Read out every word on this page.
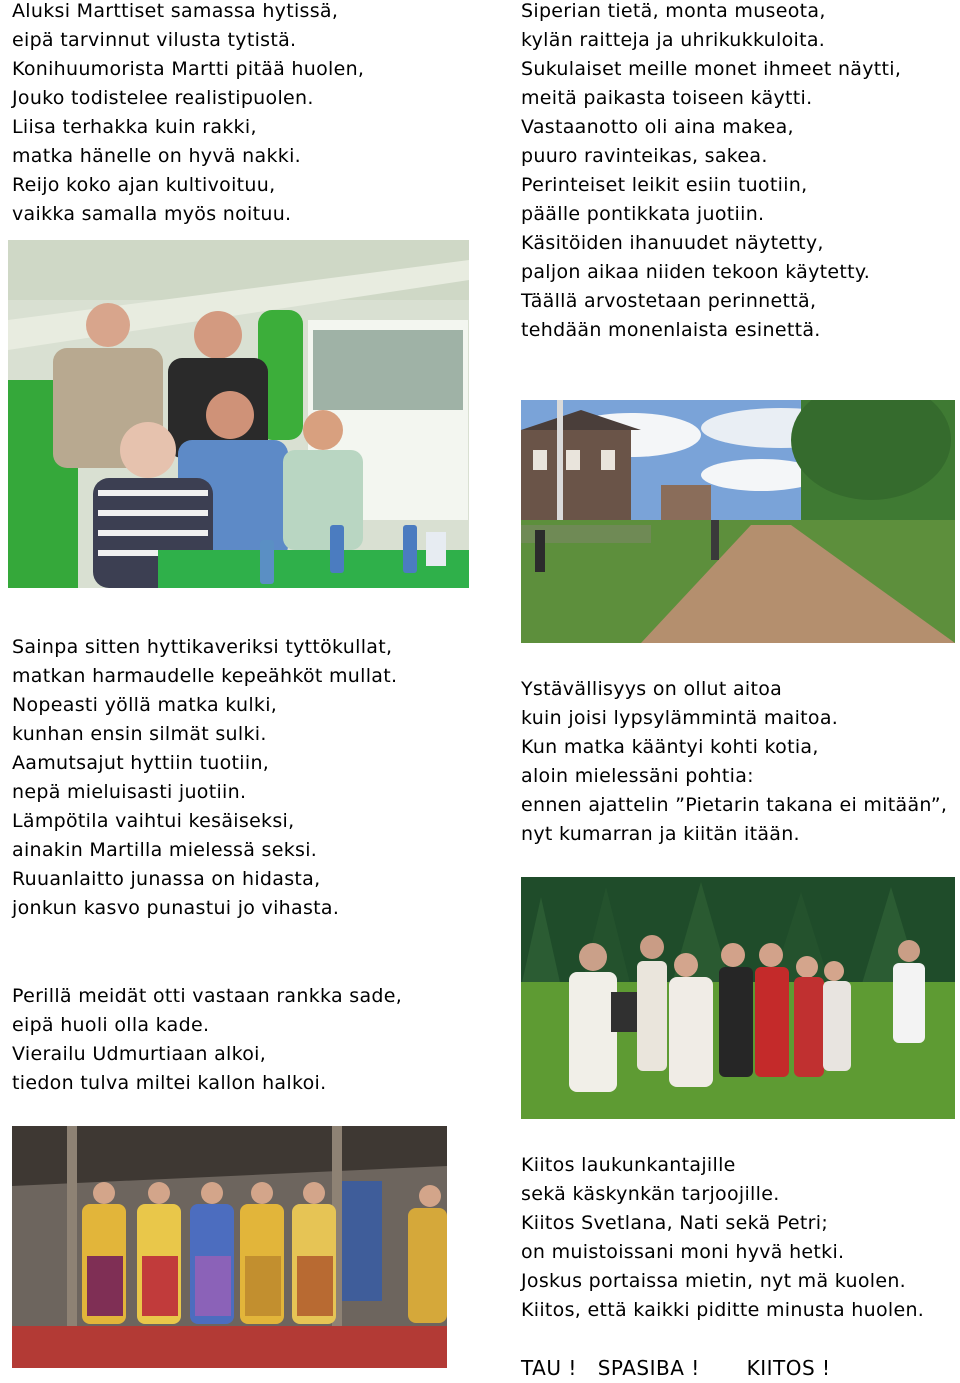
Aluksi Marttiset samassa hytissä,
eipä tarvinnut vilusta tytistä.
Konihuumorista Martti pitää huolen,
Jouko todistelee realistipuolen.
Liisa terhakka kuin rakki,
matka hänelle on hyvä nakki.
Reijo koko ajan kultivoituu,
vaikka samalla myös noituu.
Siperian tietä, monta museota,
kylän raitteja ja uhrikukkuloita.
Sukulaiset meille monet ihmeet näytti,
meitä paikasta toiseen käytti.
Vastaanotto oli aina makea,
puuro ravinteikas, sakea.
Perinteiset leikit esiin tuotiin,
päälle pontikkata juotiin.
Käsitöiden ihanuudet näytetty,
paljon aikaa niiden tekoon käytetty.
Täällä arvostetaan perinnettä,
tehdään monenlaista esinettä.
Sainpa sitten hyttikaveriksi tyttökullat,
matkan harmaudelle kepeähköt mullat.
Nopeasti yöllä matka kulki,
kunhan ensin silmät sulki.
Aamutsajut hyttiin tuotiin,
nepä mieluisasti juotiin.
Lämpötila vaihtui kesäiseksi,
ainakin Martilla mielessä seksi.
Ruuanlaitto junassa on hidasta,
jonkun kasvo punastui jo vihasta.
Ystävällisyys on ollut aitoa
kuin joisi lypsylämmintä maitoa.
Kun matka kääntyi kohti kotia,
aloin mielessäni pohtia:
ennen ajattelin ”Pietarin takana ei mitään”,
nyt kumarran ja kiitän itään.
Perillä meidät otti vastaan rankka sade,
eipä huoli olla kade.
Vierailu Udmurtiaan alkoi,
tiedon tulva miltei kallon halkoi.
Kiitos laukunkantajille
sekä käskynkän tarjoojille.
Kiitos Svetlana, Nati sekä Petri;
on muistoissani moni hyvä hetki.
Joskus portaissa mietin, nyt mä kuolen.
Kiitos, että kaikki piditte minusta huolen.
TAU ! SPASIBA ! KIITOS !
